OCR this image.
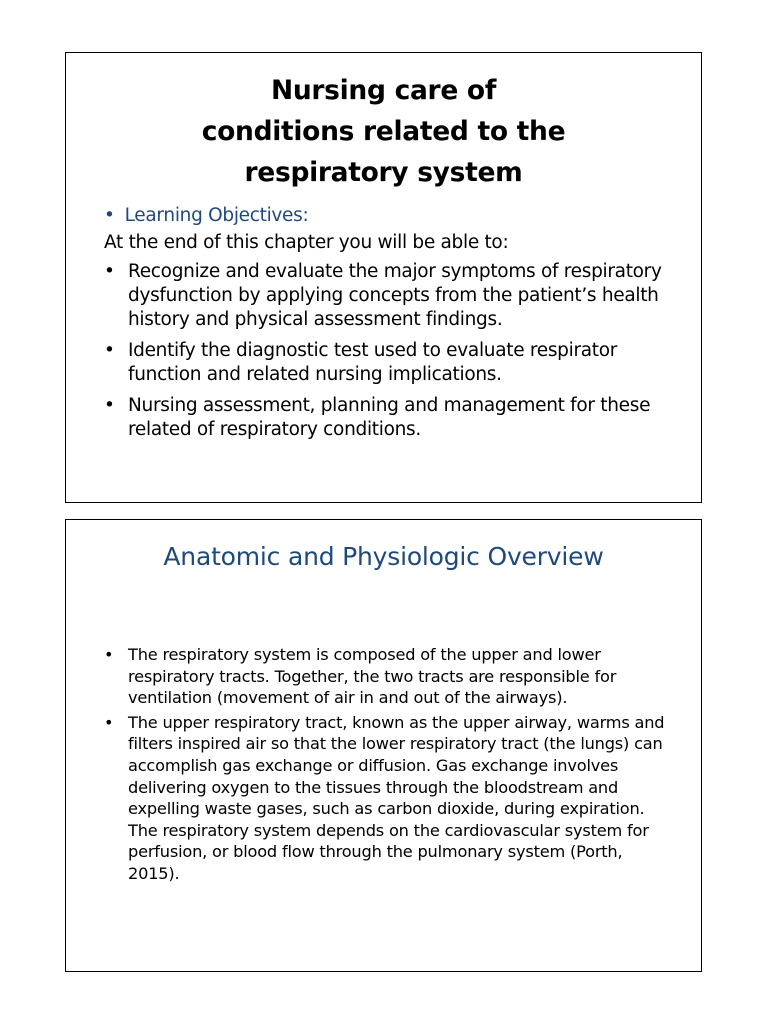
Nursing care of
conditions related to the
respiratory system
• Learning Objectives:
At the end of this chapter you will be able to:
• Recognize and evaluate the major symptoms of respiratory dysfunction by applying concepts from the patient’s health history and physical assessment findings.
• Identify the diagnostic test used to evaluate respirator function and related nursing implications.
• Nursing assessment, planning and management for these related of respiratory conditions.
Anatomic and Physiologic Overview
• The respiratory system is composed of the upper and lower respiratory tracts. Together, the two tracts are responsible for ventilation (movement of air in and out of the airways).
• The upper respiratory tract, known as the upper airway, warms and filters inspired air so that the lower respiratory tract (the lungs) can accomplish gas exchange or diffusion. Gas exchange involves delivering oxygen to the tissues through the bloodstream and expelling waste gases, such as carbon dioxide, during expiration. The respiratory system depends on the cardiovascular system for perfusion, or blood flow through the pulmonary system (Porth, 2015).
